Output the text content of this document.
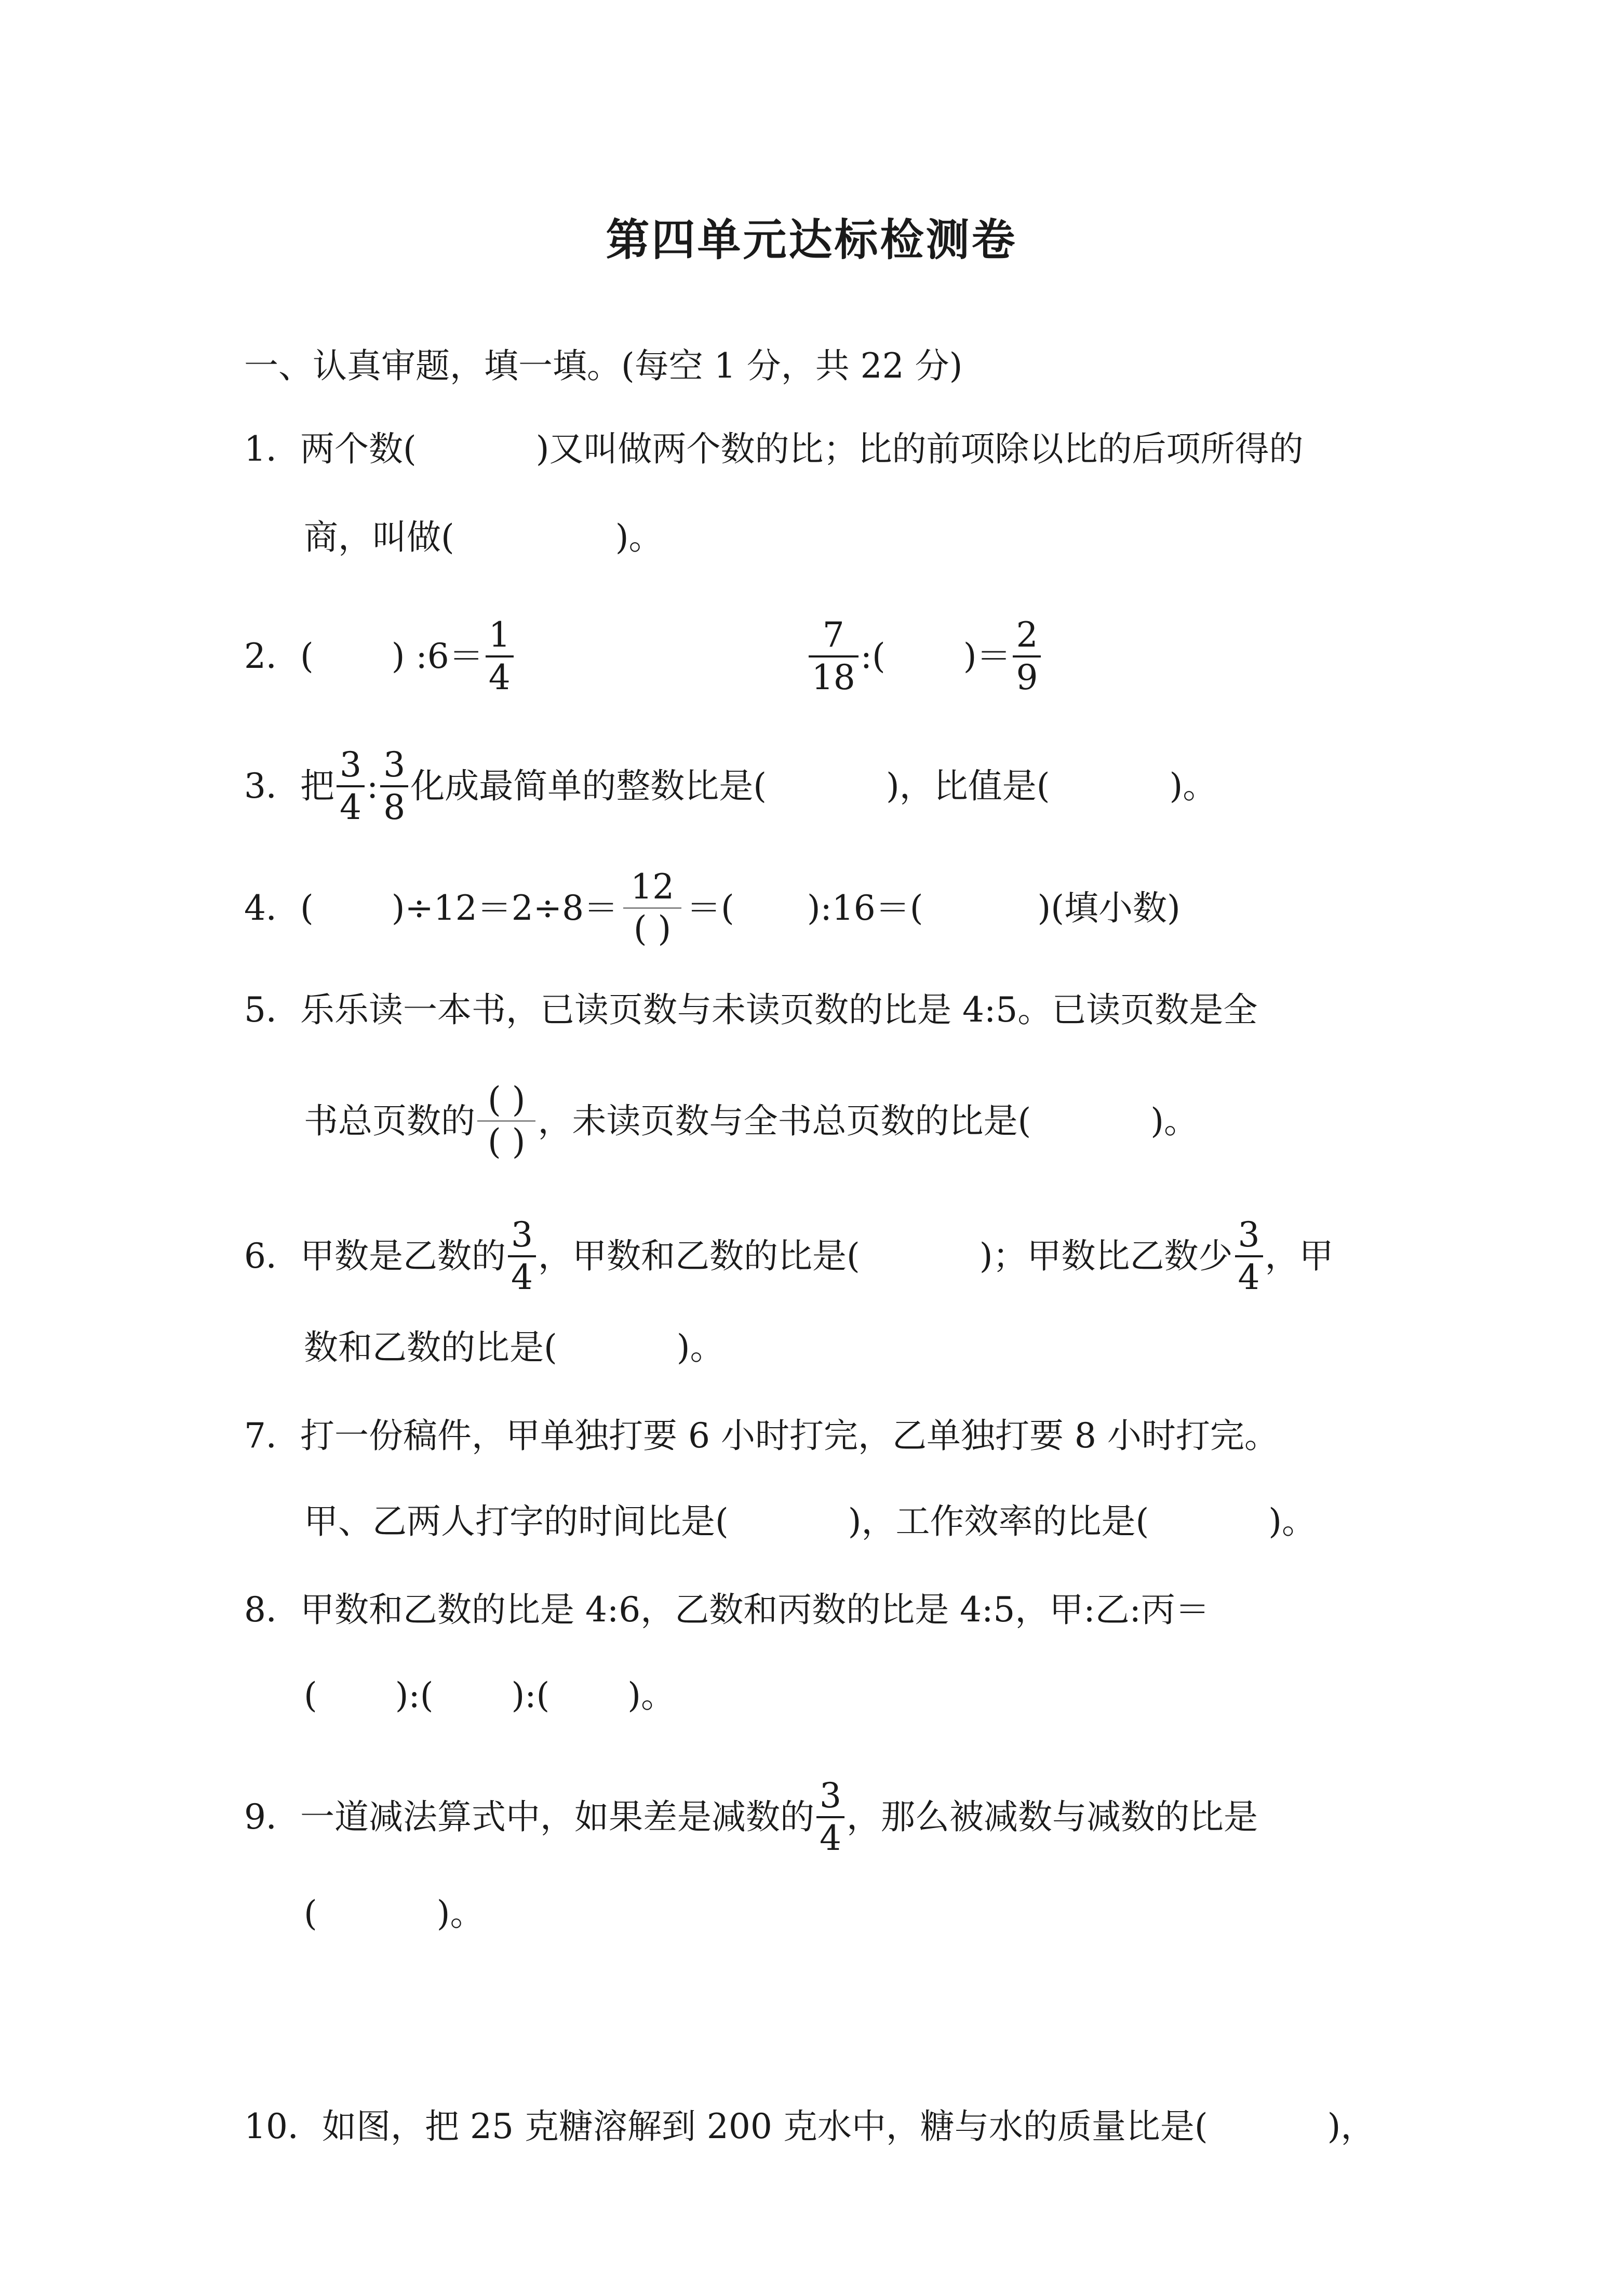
第四单元达标检测卷
一、认真审题，填一填。(每空 1 分，共 22 分)
1． 两个数(	)又叫做两个数的比；比的前项除以比的后项所得的
商，叫做(	)。
2． ( ) :6＝ $\frac{1}{4}$	$\frac{7}{18}$ :( )＝ $\frac{2}{9}$
3． 把 $\frac{3}{4}$ : $\frac{3}{8}$ 化成最简单的整数比是(	)，比值是(	)。
4． ( )$\div 12=2\div 8= \frac{12}{( )}$ ＝( ):16＝(	)(填小数)
5． 乐乐读一本书，已读页数与未读页数的比是 4:5。已读页数是全
书总页数的 $\frac{( )}{( )}$ ，未读页数与全书总页数的比是(	)。
6． 甲数是乙数的 $\frac{3}{4}$ ，甲数和乙数的比是(	)；甲数比乙数少 $\frac{3}{4}$ ，甲
数和乙数的比是(	)。
7． 打一份稿件，甲单独打要 6 小时打完，乙单独打要 8 小时打完。
甲、乙两人打字的时间比是(	)，工作效率的比是(	)。
8． 甲数和乙数的比是 4:6，乙数和丙数的比是 4:5，甲:乙:丙＝
( ):( ):( )。
9． 一道减法算式中，如果差是减数的 $\frac{3}{4}$ ，那么被减数与减数的比是
(	)。
10． 如图，把 25 克糖溶解到 200 克水中，糖与水的质量比是(	)，
